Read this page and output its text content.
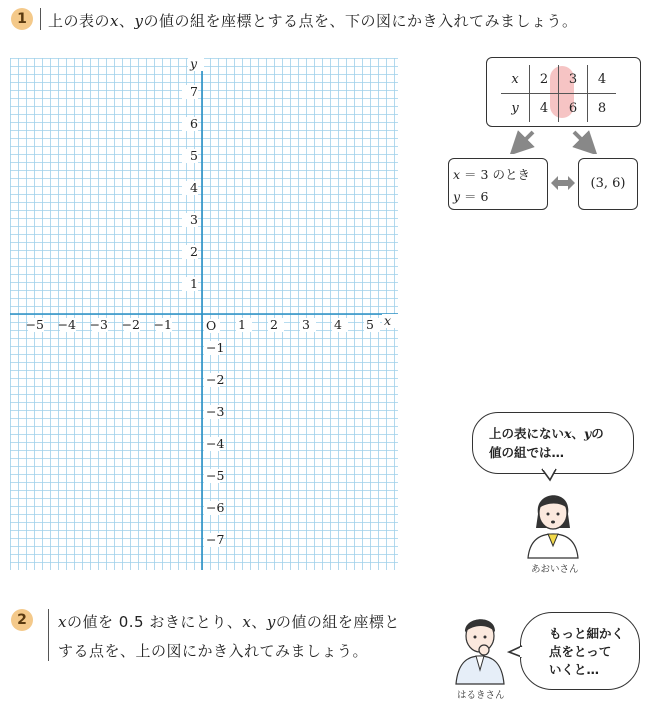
1	上の表のx、yの値の組を座標とする点を、下の図にかき入れてみましょう。
−5 −4 −3 −2 −1	1 2 3 4 5
7
6
5
4
3
2
1
−1
−2
−3
−4
−5
−6
−7
O	x
y
x	2	3	4
y	4	6	8
x ＝ 3 のとき
y ＝ 6
(3, 6)
上の表にないx、yの
値の組では…
あおいさん
2	xの値を 0.5 おきにとり、x、yの値の組を座標と
する点を、上の図にかき入れてみましょう。
はるきさん
もっと細かく
点をとって
いくと…
